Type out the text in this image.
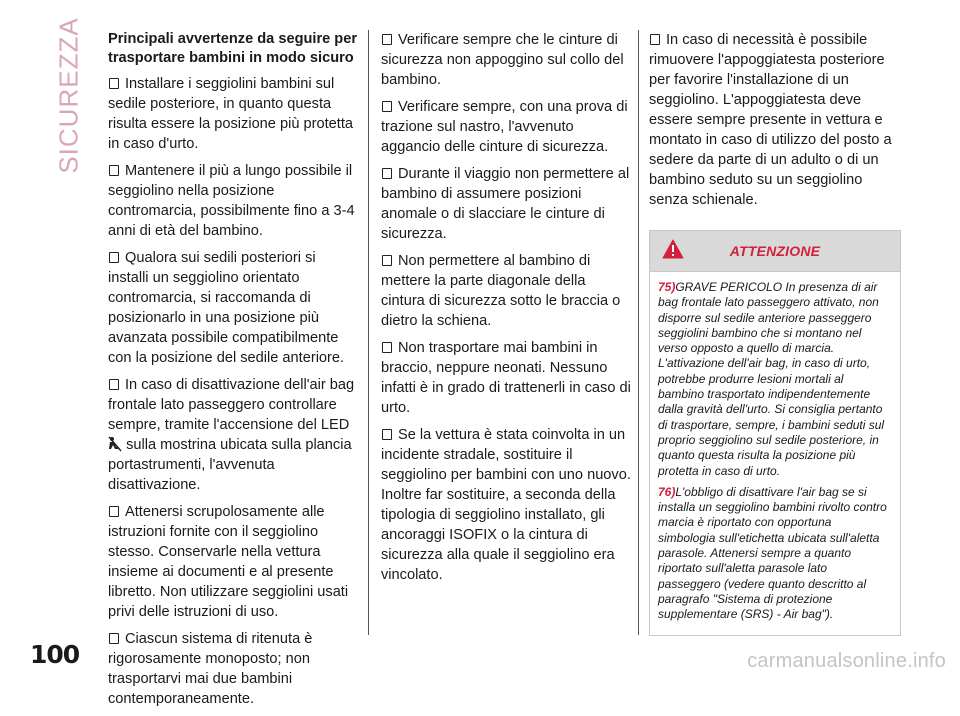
SICUREZZA Principali avvertenze da seguire per trasportare bambini in modo sicuro

Installare i seggiolini bambini sul sedile posteriore, in quanto questa risulta essere la posizione più protetta in caso d'urto.

Mantenere il più a lungo possibile il seggiolino nella posizione contromarcia, possibilmente fino a 3-4 anni di età del bambino.

Qualora sui sedili posteriori si installi un seggiolino orientato contromarcia, si raccomanda di posizionarlo in una posizione più avanzata possibile compatibilmente con la posizione del sedile anteriore.

In caso di disattivazione dell'air bag frontale lato passeggero controllare sempre, tramite l'accensione del LED  sulla mostrina ubicata sulla plancia portastrumenti, l'avvenuta disattivazione.

Attenersi scrupolosamente alle istruzioni fornite con il seggiolino stesso. Conservarle nella vettura insieme ai documenti e al presente libretto. Non utilizzare seggiolini usati privi delle istruzioni di uso.

Ciascun sistema di ritenuta è rigorosamente monoposto; non trasportarvi mai due bambini contemporaneamente.

Verificare sempre che le cinture di sicurezza non appoggino sul collo del bambino.

Verificare sempre, con una prova di trazione sul nastro, l'avvenuto aggancio delle cinture di sicurezza.

Durante il viaggio non permettere al bambino di assumere posizioni anomale o di slacciare le cinture di sicurezza.

Non permettere al bambino di mettere la parte diagonale della cintura di sicurezza sotto le braccia o dietro la schiena.

Non trasportare mai bambini in braccio, neppure neonati. Nessuno infatti è in grado di trattenerli in caso di urto.

Se la vettura è stata coinvolta in un incidente stradale, sostituire il seggiolino per bambini con uno nuovo. Inoltre far sostituire, a seconda della tipologia di seggiolino installato, gli ancoraggi ISOFIX o la cintura di sicurezza alla quale il seggiolino era vincolato.

In caso di necessità è possibile rimuovere l'appoggiatesta posteriore per favorire l'installazione di un seggiolino. L'appoggiatesta deve essere sempre presente in vettura e montato in caso di utilizzo del posto a sedere da parte di un adulto o di un bambino seduto su un seggiolino senza schienale.

ATTENZIONE

75)GRAVE PERICOLO In presenza di air bag frontale lato passeggero attivato, non disporre sul sedile anteriore passeggero seggiolini bambino che si montano nel verso opposto a quello di marcia. L'attivazione dell'air bag, in caso di urto, potrebbe produrre lesioni mortali al bambino trasportato indipendentemente dalla gravità dell'urto. Si consiglia pertanto di trasportare, sempre, i bambini seduti sul proprio seggiolino sul sedile posteriore, in quanto questa risulta la posizione più protetta in caso di urto.

76)L'obbligo di disattivare l'air bag se si installa un seggiolino bambini rivolto contro marcia è riportato con opportuna simbologia sull'etichetta ubicata sull'aletta parasole. Attenersi sempre a quanto riportato sull'aletta parasole lato passeggero (vedere quanto descritto al paragrafo "Sistema di protezione supplementare (SRS) - Air bag").

100	carmanualsonline.info
